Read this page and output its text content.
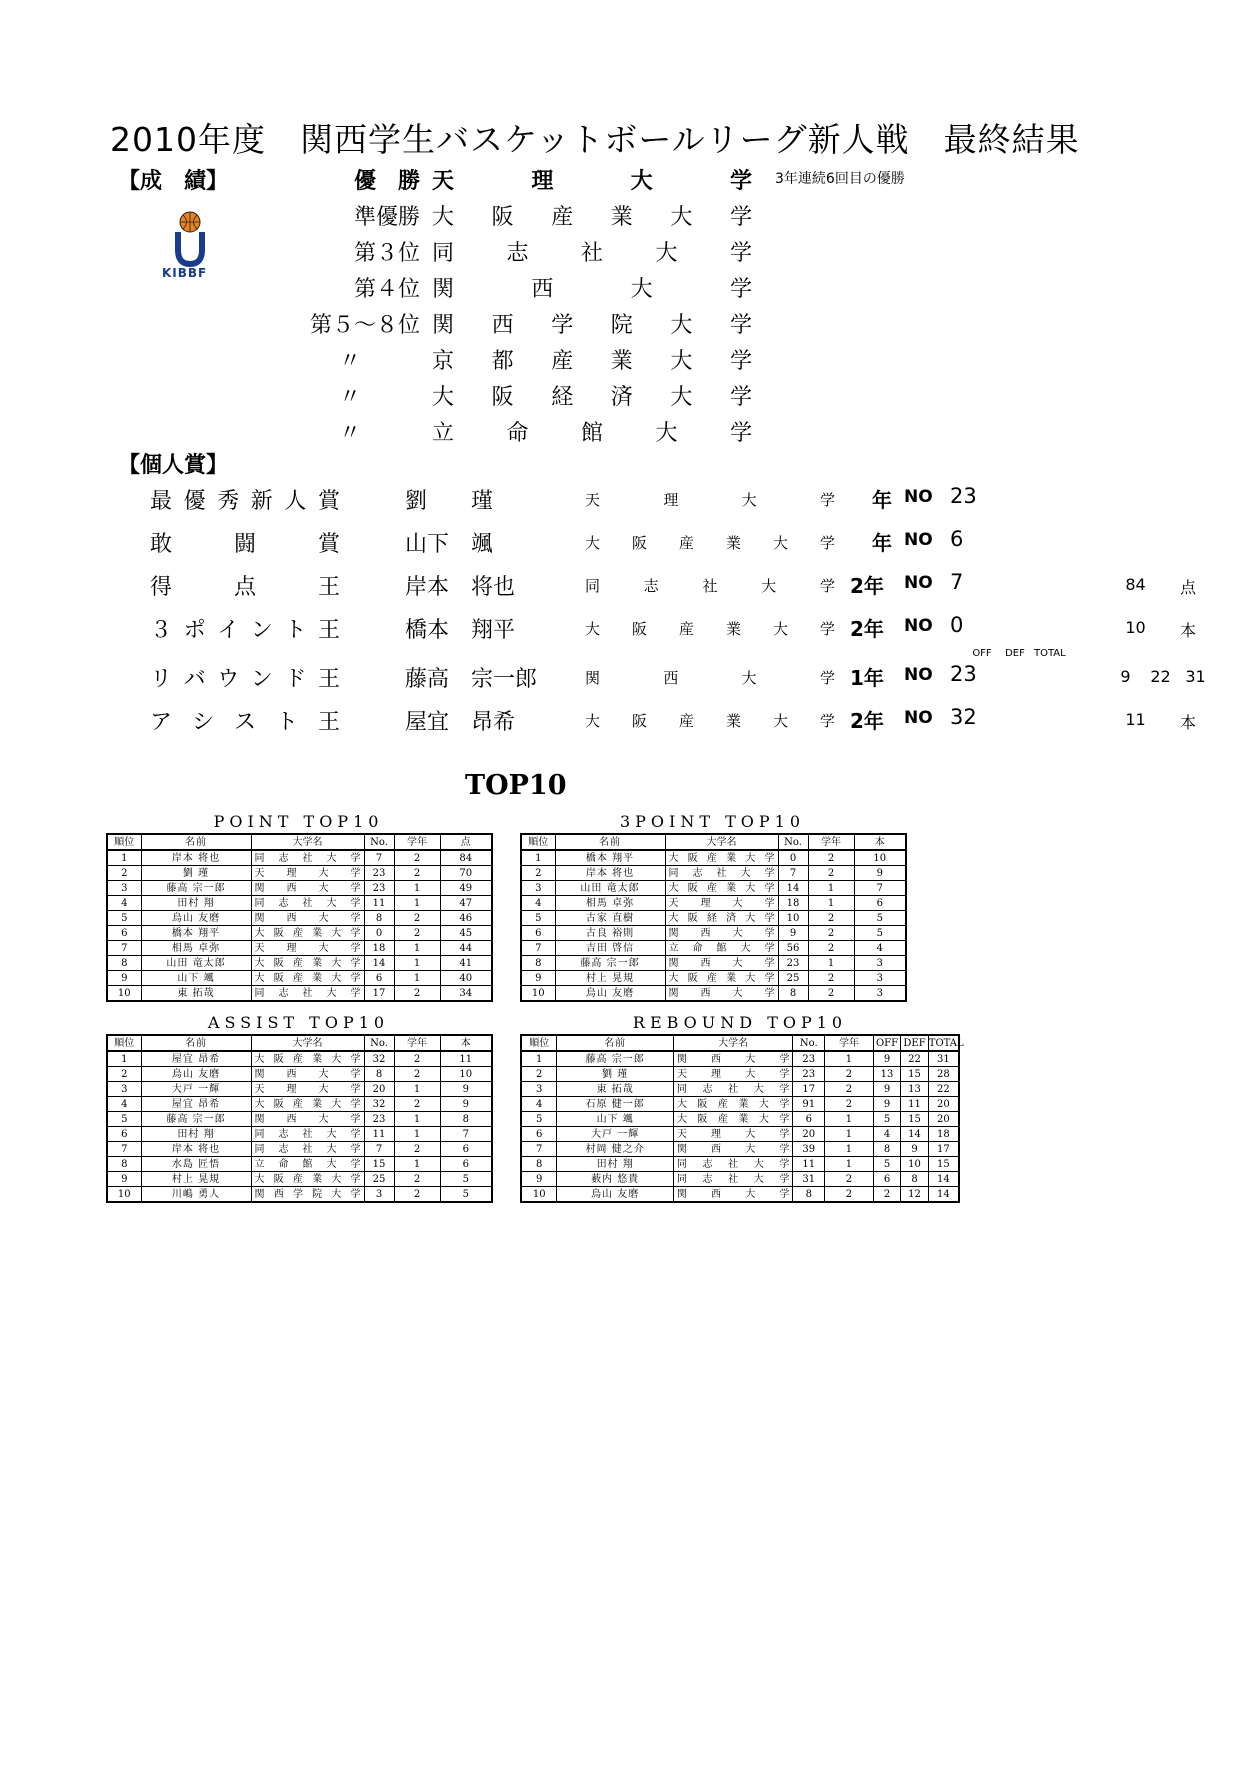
2010年度　関西学生バスケットボールリーグ新人戦　最終結果
【成　績】
KIBBF
優　勝 天	理	大	学
準優勝 大 阪 産 業 大 学
第３位 同 志 社 大 学
第４位 関	西	大	学
第５～８位 関 西 学 院 大 学
〃	京 都 産 業 大 学
〃	大 阪 経 済 大 学
〃	立 命 館 大 学
3年連続6回目の優勝
【個人賞】
OFF DEF TOTAL
最 優 秀 新 人 賞	劉　　瑾	天	理	大	学 年 NO 23
敢	闘	賞	山下　颯	大 阪 産 業 大 学 年 NO 6
得	点	王	岸本　将也	同	志	社	大	学 2年 NO 7	84	点
３ ポ イ ン ト 王	橋本　翔平	大 阪 産 業 大 学 2年 NO 0	10	本
リ バ ウ ン ド 王	藤高　宗一郎	関	西	大	学 1年 NO 23	9 22 31
ア シ ス ト 王	屋宜　昂希	大 阪 産 業 大 学 2年 NO 32	11	本
TOP10
POINT TOP10
順位	名前	大学名	No.	学年	点
1	岸本 将也	同志社大学	7	2	84
2	劉 瑾	天理大学	23	2	70
3	藤高 宗一郎	関西大学	23	1	49
4	田村 翔	同志社大学	11	1	47
5	烏山 友磨	関西大学	8	2	46
6	橋本 翔平	大阪産業大学	0	2	45
7	相馬 卓弥	天理大学	18	1	44
8	山田 竜太郎	大阪産業大学	14	1	41
9	山下 颯	大阪産業大学	6	1	40
10	東 拓哉	同志社大学	17	2	34
3POINT TOP10
順位	名前	大学名	No.	学年	本
1	橋本 翔平	大阪産業大学	0	2	10
2	岸本 将也	同志社大学	7	2	9
3	山田 竜太郎	大阪産業大学	14	1	7
4	相馬 卓弥	天理大学	18	1	6
5	古家 直樹	大阪経済大学	10	2	5
6	古良 裕則	関西大学	9	2	5
7	吉田 啓信	立命館大学	56	2	4
8	藤高 宗一郎	関西大学	23	1	3
9	村上 晃規	大阪産業大学	25	2	3
10	烏山 友磨	関西大学	8	2	3
ASSIST TOP10
順位	名前	大学名	No.	学年	本
1	屋宜 昂希	大阪産業大学	32	2	11
2	烏山 友磨	関西大学	8	2	10
3	大戸 一輝	天理大学	20	1	9
4	屋宜 昂希	大阪産業大学	32	2	9
5	藤高 宗一郎	関西大学	23	1	8
6	田村 翔	同志社大学	11	1	7
7	岸本 将也	同志社大学	7	2	6
8	水島 匠悟	立命館大学	15	1	6
9	村上 晃規	大阪産業大学	25	2	5
10	川嶋 勇人	関西学院大学	3	2	5
REBOUND TOP10
順位	名前	大学名	No.	学年	OFF	DEF	TOTAL
1	藤高 宗一郎	関西大学	23	1	9	22	31
2	劉 瑾	天理大学	23	2	13	15	28
3	東 拓哉	同志社大学	17	2	9	13	22
4	石原 健一郎	大阪産業大学	91	2	9	11	20
5	山下 颯	大阪産業大学	6	1	5	15	20
6	大戸 一輝	天理大学	20	1	4	14	18
7	村岡 健之介	関西大学	39	1	8	9	17
8	田村 翔	同志社大学	11	1	5	10	15
9	薮内 悠貴	同志社大学	31	2	6	8	14
10	烏山 友磨	関西大学	8	2	2	12	14
